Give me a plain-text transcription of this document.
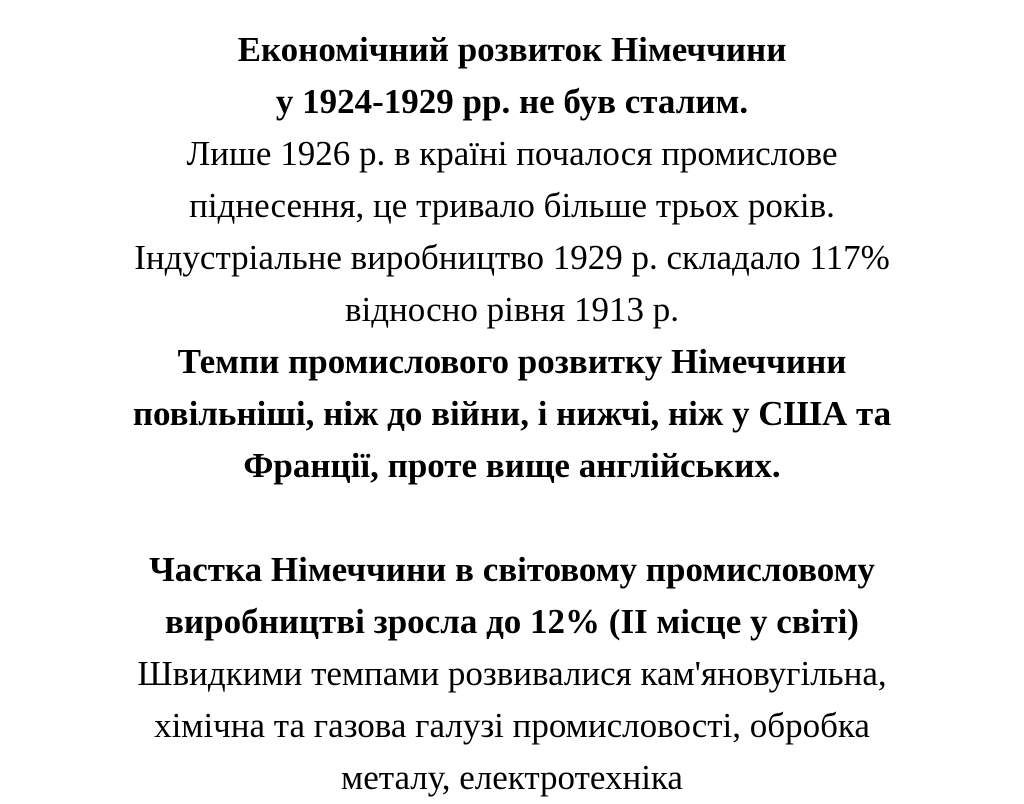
Економічний розвиток Німеччини
у 1924-1929 рр. не був сталим.
Лише 1926 р. в країні почалося промислове
піднесення, це тривало більше трьох років.
Індустріальне виробництво 1929 р. складало 117%
відносно рівня 1913 р.
Темпи промислового розвитку Німеччини
повільніші, ніж до війни, і нижчі, ніж у США та
Франції, проте вище англійських.
Частка Німеччини в світовому промисловому
виробництві зросла до 12% (ІІ місце у світі)
Швидкими темпами розвивалися кам'яновугільна,
хімічна та газова галузі промисловості, обробка
металу, електротехніка
